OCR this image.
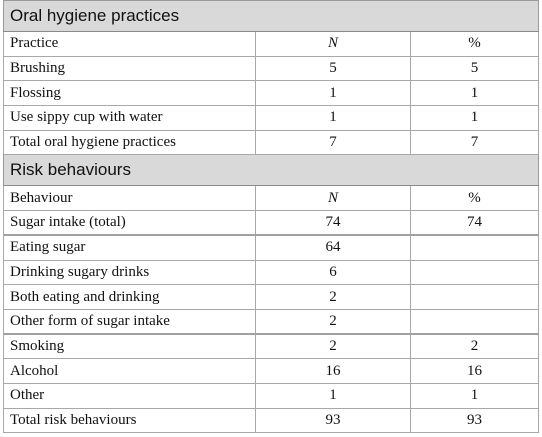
Oral hygiene practices		
Practice	N	%
Brushing	5	5
Flossing	1	1
Use sippy cup with water	1	1
Total oral hygiene practices	7	7
Risk behaviours		
Behaviour	N	%
Sugar intake (total)	74	74
Eating sugar	64	
Drinking sugary drinks	6	
Both eating and drinking	2	
Other form of sugar intake	2	
Smoking	2	2
Alcohol	16	16
Other	1	1
Total risk behaviours	93	93
